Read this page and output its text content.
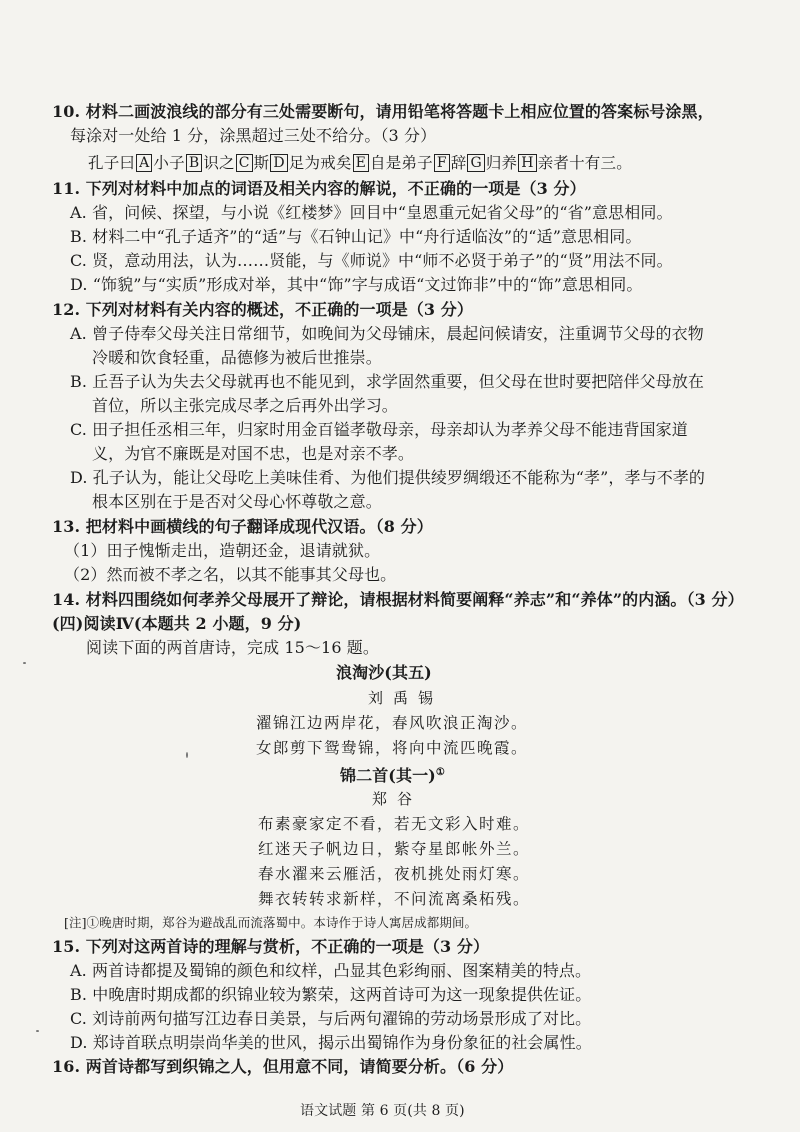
10. 材料二画波浪线的部分有三处需要断句，请用铅笔将答题卡上相应位置的答案标号涂黑，
每涂对一处给 1 分，涂黑超过三处不给分。（3 分）
孔子曰 A 小子 B 识之 C 斯 D 足为戒矣 E 自是弟子 F 辞 G 归养 H 亲者十有三。
11. 下列对材料中加点的词语及相关内容的解说，不正确的一项是（3 分）
A. 省，问候、探望，与小说《红楼梦》回目中“皇恩重元妃省父母”的“省”意思相同。
B. 材料二中“孔子适齐”的“适”与《石钟山记》中“舟行适临汝”的“适”意思相同。
C. 贤，意动用法，认为……贤能，与《师说》中“师不必贤于弟子”的“贤”用法不同。
D. “饰貌”与“实质”形成对举，其中“饰”字与成语“文过饰非”中的“饰”意思相同。
12. 下列对材料有关内容的概述，不正确的一项是（3 分）
A. 曾子侍奉父母关注日常细节，如晚间为父母铺床，晨起问候请安，注重调节父母的衣物
冷暖和饮食轻重，品德修为被后世推崇。
B. 丘吾子认为失去父母就再也不能见到，求学固然重要，但父母在世时要把陪伴父母放在
首位，所以主张完成尽孝之后再外出学习。
C. 田子担任丞相三年，归家时用金百镒孝敬母亲，母亲却认为孝养父母不能违背国家道
义，为官不廉既是对国不忠，也是对亲不孝。
D. 孔子认为，能让父母吃上美味佳肴、为他们提供绫罗绸缎还不能称为“孝”，孝与不孝的
根本区别在于是否对父母心怀尊敬之意。
13. 把材料中画横线的句子翻译成现代汉语。（8 分）
（1）田子愧惭走出，造朝还金，退请就狱。
（2）然而被不孝之名，以其不能事其父母也。
14. 材料四围绕如何孝养父母展开了辩论，请根据材料简要阐释“养志”和“养体”的内涵。（3 分）
(四)阅读Ⅳ(本题共 2 小题，9 分)
阅读下面的两首唐诗，完成 15～16 题。
浪淘沙(其五)
刘禹锡
濯锦江边两岸花，春风吹浪正淘沙。
女郎剪下鸳鸯锦，将向中流匹晚霞。
锦二首(其一)①
郑谷
布素豪家定不看，若无文彩入时难。
红迷天子帆边日，紫夺星郎帐外兰。
春水濯来云雁活，夜机挑处雨灯寒。
舞衣转转求新样，不问流离桑柘残。
[注]①晚唐时期，郑谷为避战乱而流落蜀中。本诗作于诗人寓居成都期间。
15. 下列对这两首诗的理解与赏析，不正确的一项是（3 分）
A. 两首诗都提及蜀锦的颜色和纹样，凸显其色彩绚丽、图案精美的特点。
B. 中晚唐时期成都的织锦业较为繁荣，这两首诗可为这一现象提供佐证。
C. 刘诗前两句描写江边春日美景，与后两句濯锦的劳动场景形成了对比。
D. 郑诗首联点明崇尚华美的世风，揭示出蜀锦作为身份象征的社会属性。
16. 两首诗都写到织锦之人，但用意不同，请简要分析。（6 分）
语文试题 第 6 页(共 8 页)
